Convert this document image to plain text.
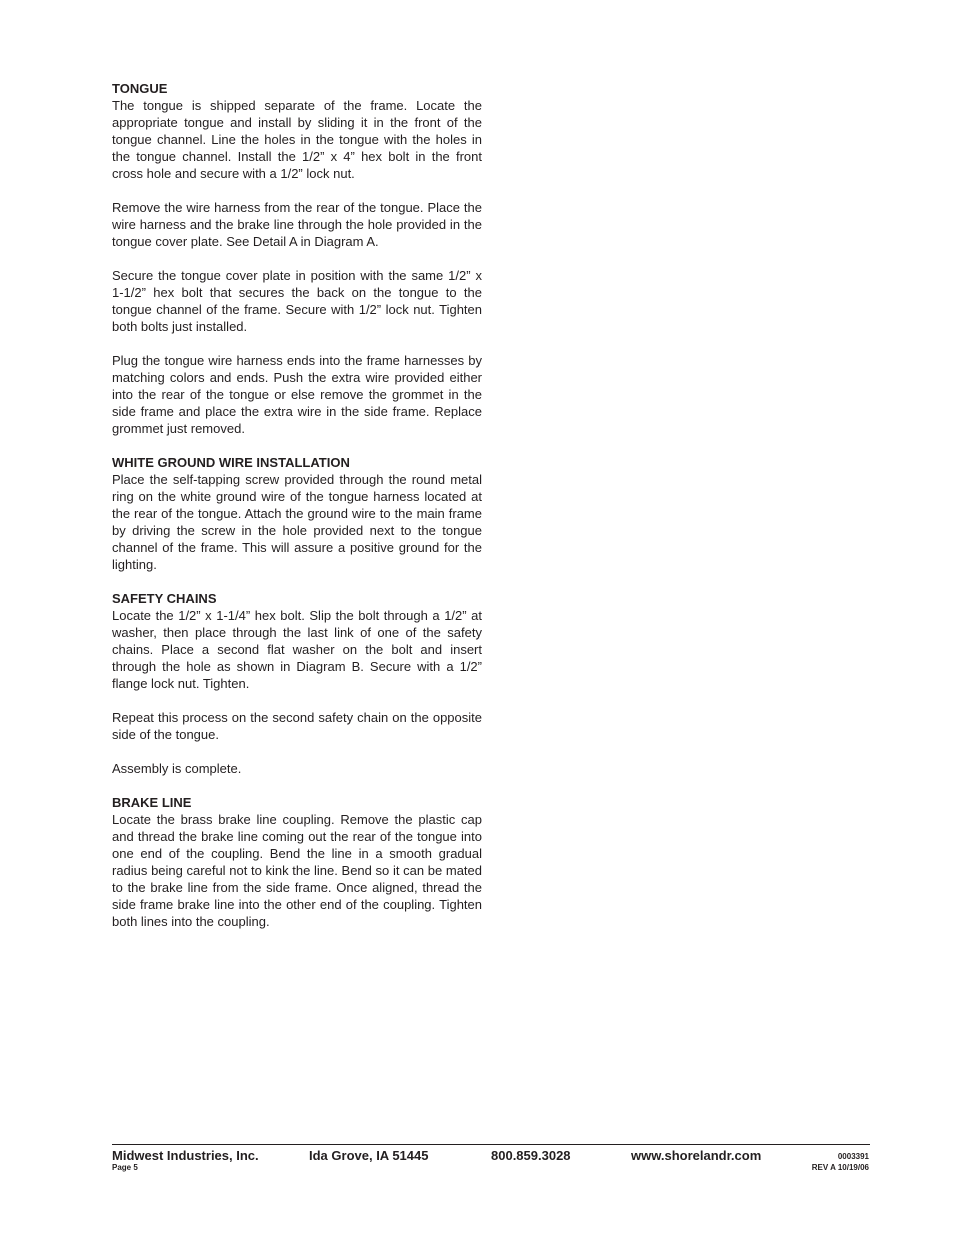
TONGUE

The tongue is shipped separate of the frame. Locate the appropriate tongue and install by sliding it in the front of the tongue channel. Line the holes in the tongue with the holes in the tongue channel. Install the 1/2” x 4” hex bolt in the front cross hole and secure with a 1/2” lock nut.

Remove the wire harness from the rear of the tongue. Place the wire harness and the brake line through the hole provided in the tongue cover plate. See Detail A in Diagram A.

Secure the tongue cover plate in position with the same 1/2” x 1-1/2” hex bolt that secures the back on the tongue to the tongue channel of the frame. Secure with 1/2” lock nut. Tighten both bolts just installed.

Plug the tongue wire harness ends into the frame harnesses by matching colors and ends. Push the extra wire provided either into the rear of the tongue or else remove the grommet in the side frame and place the extra wire in the side frame. Replace grommet just removed.

WHITE GROUND WIRE INSTALLATION

Place the self-tapping screw provided through the round metal ring on the white ground wire of the tongue harness located at the rear of the tongue. Attach the ground wire to the main frame by driving the screw in the hole provided next to the tongue channel of the frame. This will assure a positive ground for the lighting.

SAFETY CHAINS

Locate the 1/2” x 1-1/4” hex bolt. Slip the bolt through a 1/2” at washer, then place through the last link of one of the safety chains. Place a second flat washer on the bolt and insert through the hole as shown in Diagram B. Secure with a 1/2” flange lock nut. Tighten.

Repeat this process on the second safety chain on the opposite side of the tongue.

Assembly is complete.

BRAKE LINE

Locate the brass brake line coupling. Remove the plastic cap and thread the brake line coming out the rear of the tongue into one end of the coupling. Bend the line in a smooth gradual radius being careful not to kink the line. Bend so it can be mated to the brake line from the side frame. Once aligned, thread the side frame brake line into the other end of the coupling. Tighten both lines into the coupling.

Midwest Industries, Inc.	Ida Grove, IA 51445	800.859.3028	www.shorelandr.com
Page 5
0003391
REV A 10/19/06
